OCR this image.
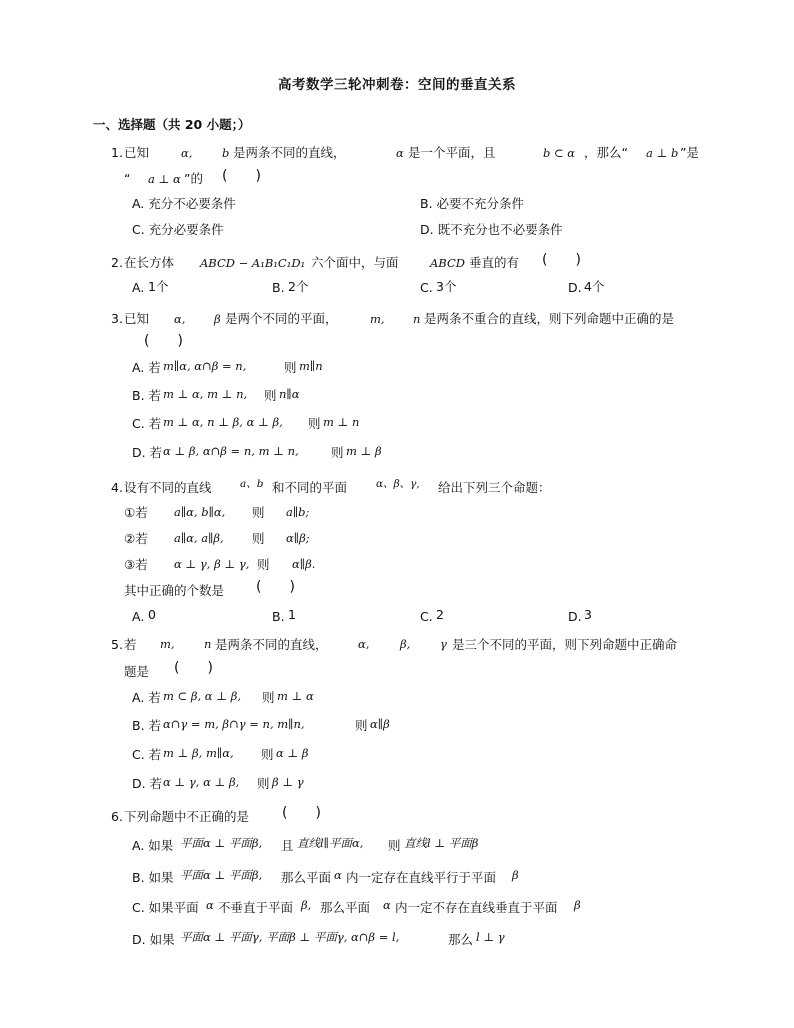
高考数学三轮冲刺卷：空间的垂直关系
一、选择题（共 20 小题；）
1. 已知	α,	b 是两条不同的直线，	α 是一个平面，且	b ⊂ α ，那么“ a ⊥ b ”是
“ a ⊥ α ”的 (　　)
A. 充分不必要条件	B. 必要不充分条件
C. 充分必要条件	D. 既不充分也不必要条件
2. 在长方体 ABCD − A₁B₁C₁D₁ 六个面中，与面	ABCD 垂直的有 (　　)
A. 1个	B. 2个	C. 3个	D. 4个
3. 已知 α, β 是两个不同的平面，	m, n 是两条不重合的直线，则下列命题中正确的是
(　　)
A. 若 m∥α, α∩β = n,	则 m∥n
B. 若 m ⊥ α, m ⊥ n, 则 n∥α
C. 若 m ⊥ α, n ⊥ β, α ⊥ β, 则 m ⊥ n
D. 若 α ⊥ β, α∩β = n, m ⊥ n,	则 m ⊥ β
4. 设有不同的直线	a、b 和不同的平面	α、β、γ, 给出下列三个命题：
①若 a∥α, b∥α, 则 a∥b;
②若 a∥α, a∥β, 则 α∥β;
③若 α ⊥ γ, β ⊥ γ, 则 α∥β.
其中正确的个数是 (　　)
A. 0	B. 1	C. 2	D. 3
5. 若 m,	n 是两条不同的直线，	α,	β,	γ 是三个不同的平面，则下列命题中正确命
题是 (　　)
A. 若 m ⊂ β, α ⊥ β, 则 m ⊥ α
B. 若 α∩γ = m, β∩γ = n, m∥n,	则 α∥β
C. 若 m ⊥ β, m∥α, 则 α ⊥ β
D. 若 α ⊥ γ, α ⊥ β, 则 β ⊥ γ
6. 下列命题中不正确的是 (　　)
A. 如果 平面α ⊥ 平面β, 且 直线l∥平面α, 则 直线l ⊥ 平面β
B. 如果 平面α ⊥ 平面β, 那么平面 α 内一定存在直线平行于平面 β
C. 如果平面 α 不垂直于平面 β, 那么平面 α 内一定不存在直线垂直于平面 β
D. 如果 平面α ⊥ 平面γ, 平面β ⊥ 平面γ, α∩β = l,	那么 l ⊥ γ
